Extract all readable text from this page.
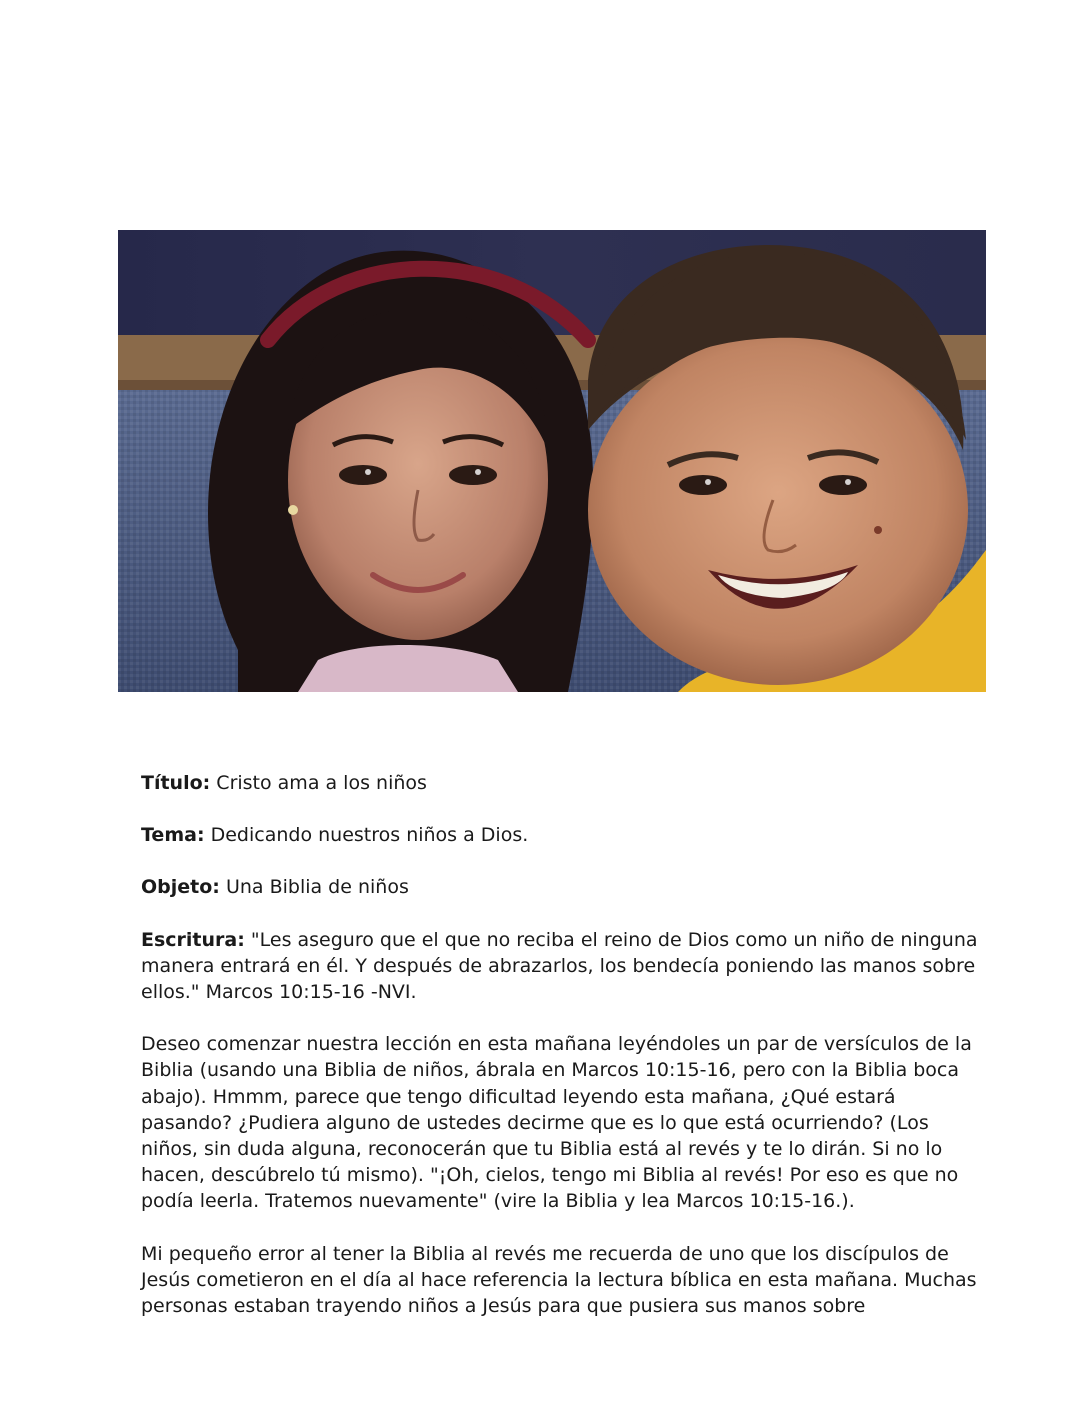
Título: Cristo ama a los niños

Tema: Dedicando nuestros niños a Dios.

Objeto: Una Biblia de niños

Escritura: "Les aseguro que el que no reciba el reino de Dios como un niño de ninguna manera entrará en él. Y después de abrazarlos, los bendecía poniendo las manos sobre ellos." Marcos 10:15-16 -NVI.

Deseo comenzar nuestra lección en esta mañana leyéndoles un par de versículos de la Biblia (usando una Biblia de niños, ábrala en Marcos 10:15-16, pero con la Biblia boca abajo). Hmmm, parece que tengo dificultad leyendo esta mañana, ¿Qué estará pasando? ¿Pudiera alguno de ustedes decirme que es lo que está ocurriendo? (Los niños, sin duda alguna, reconocerán que tu Biblia está al revés y te lo dirán. Si no lo hacen, descúbrelo tú mismo). "¡Oh, cielos, tengo mi Biblia al revés! Por eso es que no podía leerla. Tratemos nuevamente" (vire la Biblia y lea Marcos 10:15-16.).

Mi pequeño error al tener la Biblia al revés me recuerda de uno que los discípulos de Jesús cometieron en el día al hace referencia la lectura bíblica en esta mañana. Muchas personas estaban trayendo niños a Jesús para que pusiera sus manos sobre
